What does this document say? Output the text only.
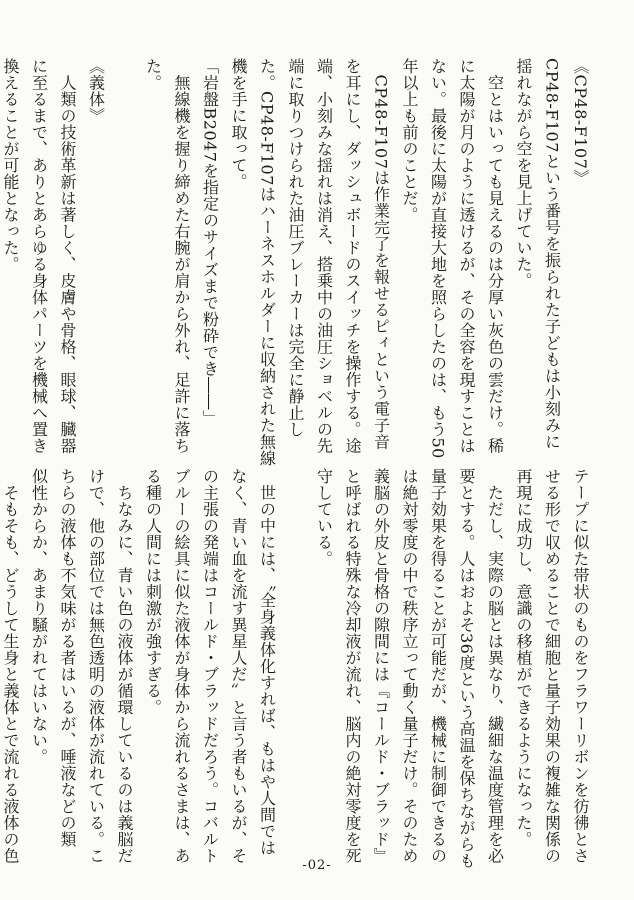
《CP48-F107》
CP48-F107という番号を振られた子どもは小刻みに
揺れながら空を見上げていた。
　空とはいっても見えるのは分厚い灰色の雲だけ。稀
に太陽が月のように透けるが、その全容を現すことは
ない。最後に太陽が直接大地を照らしたのは、もう50
年以上も前のことだ。
　CP48-F107は作業完了を報せるピィという電子音
を耳にし、ダッシュボードのスイッチを操作する。途
端、小刻みな揺れは消え、搭乗中の油圧ショベルの先
端に取りつけられた油圧ブレーカーは完全に静止し
た。CP48-F107はハーネスホルダーに収納された無線
機を手に取って。
「岩盤B2047を指定のサイズまで粉砕でき――」
　無線機を握り締めた右腕が肩から外れ、足許に落ち
た。

《義体》
　人類の技術革新は著しく、皮膚や骨格、眼球、臓器
に至るまで、ありとあらゆる身体パーツを機械へ置き
換えることが可能となった。
テープに似た帯状のものをフラワーリボンを彷彿とさ
せる形で収めることで細胞と量子効果の複雑な関係の
再現に成功し、意識の移植ができるようになった。
　ただし、実際の脳とは異なり、繊細な温度管理を必
要とする。人はおよそ36度という高温を保ちながらも
量子効果を得ることが可能だが、機械に制御できるの
は絶対零度の中で秩序立って動く量子だけ。そのため
義脳の外皮と骨格の隙間には『コールド・ブラッド』
と呼ばれる特殊な冷却液が流れ、脳内の絶対零度を死
守している。

　世の中には、〝全身義体化すれば、もはや人間では
なく、青い血を流す異星人だ〟と言う者もいるが、そ
の主張の発端はコールド・ブラッドだろう。コバルト
ブルーの絵具に似た液体が身体から流れるさまは、あ
る種の人間には刺激が強すぎる。
　ちなみに、青い色の液体が循環しているのは義脳だ
けで、他の部位では無色透明の液体が流れている。こ
ちらの液体も不気味がる者はいるが、唾液などの類
似性からか、あまり騒がれてはいない。
　そもそも、どうして生身と義体とで流れる液体の色
-02-
